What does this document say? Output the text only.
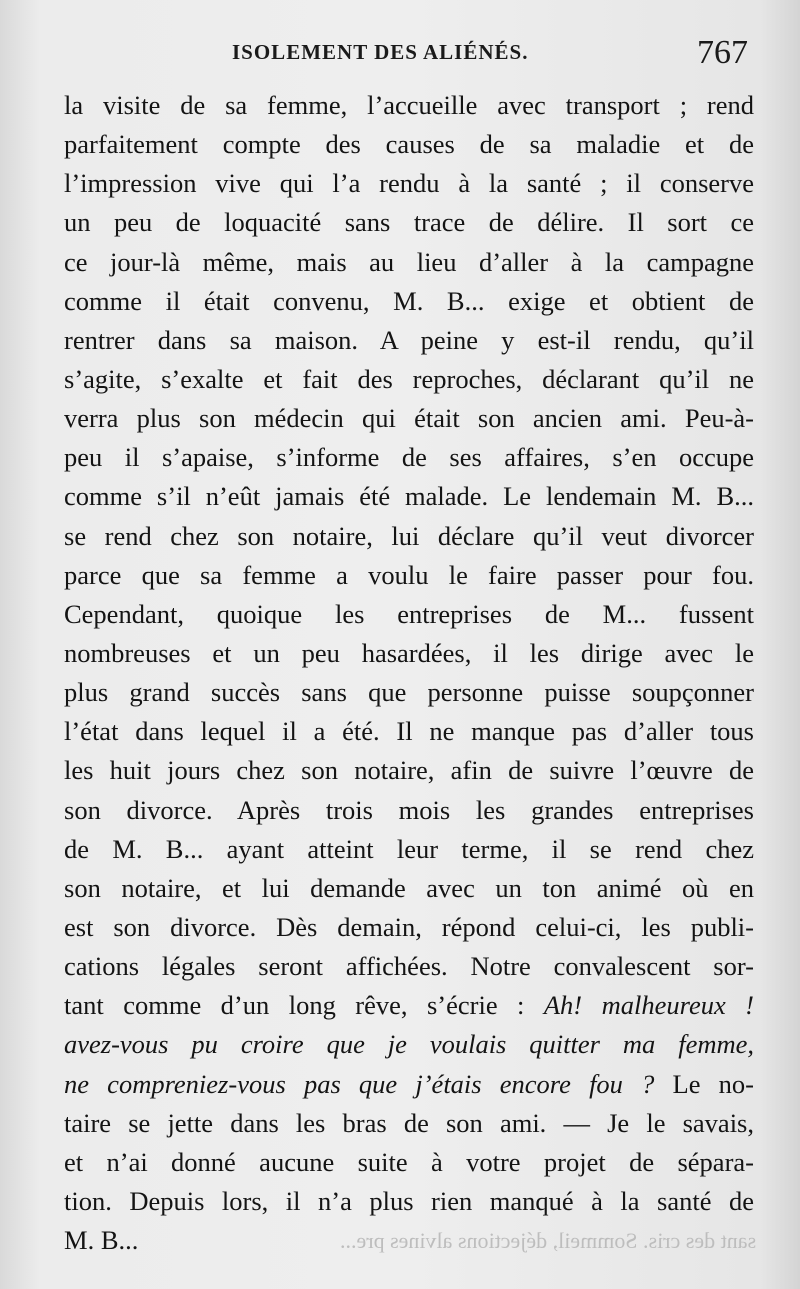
ISOLEMENT DES ALIÉNÉS.	767
la visite de sa femme, l’accueille avec transport ; rend
parfaitement compte des causes de sa maladie et de
l’impression vive qui l’a rendu à la santé ; il conserve
un peu de loquacité sans trace de délire. Il sort ce
ce jour-là même, mais au lieu d’aller à la campagne
comme il était convenu, M. B... exige et obtient de
rentrer dans sa maison. A peine y est-il rendu, qu’il
s’agite, s’exalte et fait des reproches, déclarant qu’il ne
verra plus son médecin qui était son ancien ami. Peu-à-
peu il s’apaise, s’informe de ses affaires, s’en occupe
comme s’il n’eût jamais été malade. Le lendemain M. B...
se rend chez son notaire, lui déclare qu’il veut divorcer
parce que sa femme a voulu le faire passer pour fou.
Cependant, quoique les entreprises de M... fussent
nombreuses et un peu hasardées, il les dirige avec le
plus grand succès sans que personne puisse soupçonner
l’état dans lequel il a été. Il ne manque pas d’aller tous
les huit jours chez son notaire, afin de suivre l’œuvre de
son divorce. Après trois mois les grandes entreprises
de M. B... ayant atteint leur terme, il se rend chez
son notaire, et lui demande avec un ton animé où en
est son divorce. Dès demain, répond celui-ci, les publi-
cations légales seront affichées. Notre convalescent sor-
tant comme d’un long rêve, s’écrie : Ah! malheureux !
avez-vous pu croire que je voulais quitter ma femme,
ne compreniez-vous pas que j’étais encore fou ? Le no-
taire se jette dans les bras de son ami. — Je le savais,
et n’ai donné aucune suite à votre projet de sépara-
tion. Depuis lors, il n’a plus rien manqué à la santé de
M. B...	sant des cris. Sommeil, déjections alvines pre...
